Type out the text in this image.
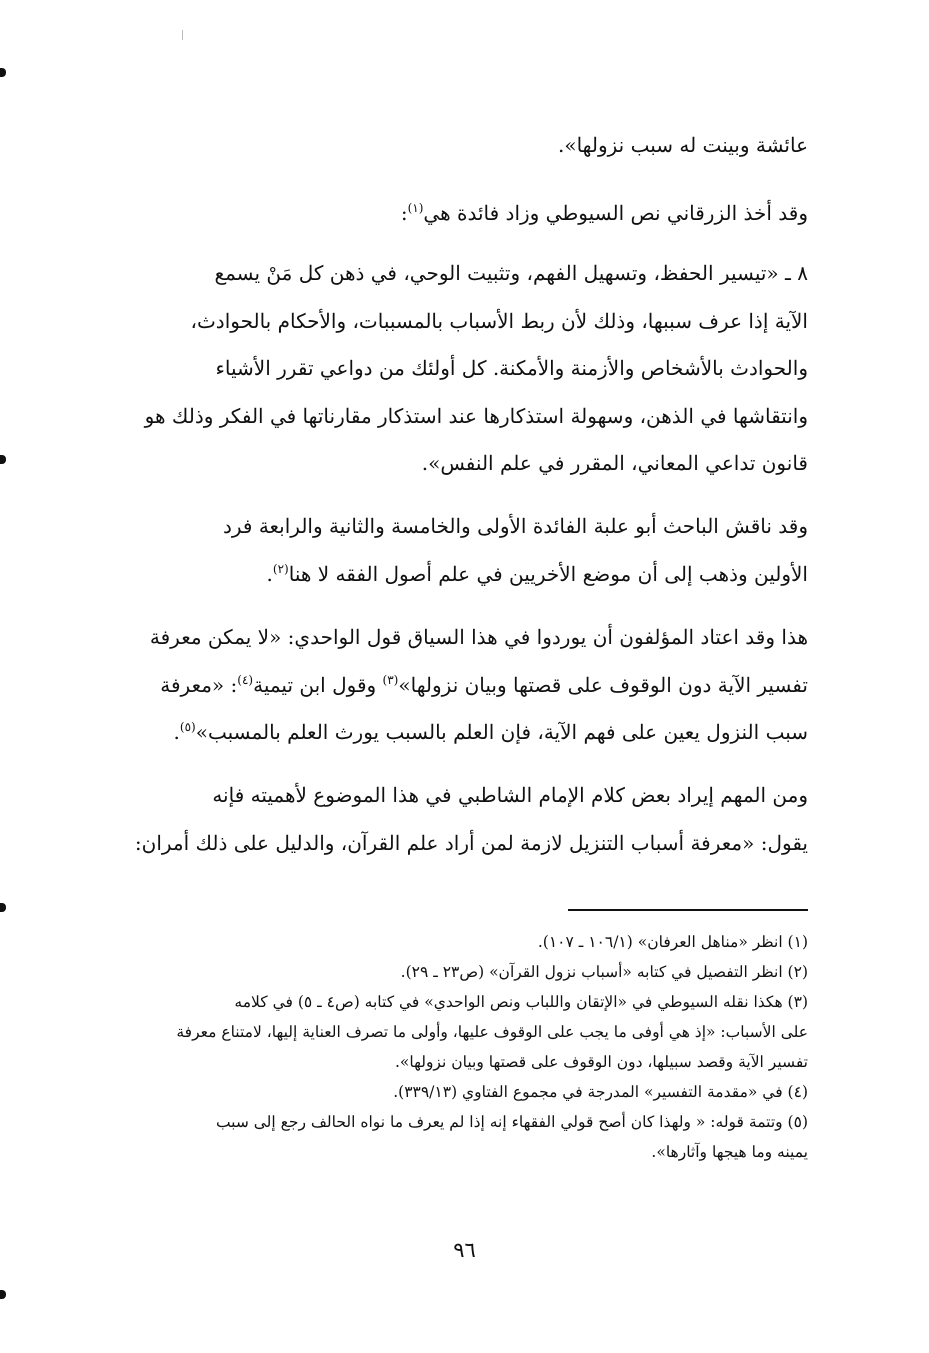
عائشة وبينت له سبب نزولها».
وقد أخذ الزرقاني نص السيوطي وزاد فائدة هي$^{(١)}$:
٨ ـ «تيسير الحفظ، وتسهيل الفهم، وتثبيت الوحي، في ذهن كل مَنْ يسمع
الآية إذا عرف سببها، وذلك لأن ربط الأسباب بالمسببات، والأحكام بالحوادث،
والحوادث بالأشخاص والأزمنة والأمكنة. كل أولئك من دواعي تقرر الأشياء
وانتقاشها في الذهن، وسهولة استذكارها عند استذكار مقارناتها في الفكر وذلك هو
قانون تداعي المعاني، المقرر في علم النفس».
وقد ناقش الباحث أبو علبة الفائدة الأولى والخامسة والثانية والرابعة فرد
الأولين وذهب إلى أن موضع الأخريين في علم أصول الفقه لا هنا$^{(٢)}$.
هذا وقد اعتاد المؤلفون أن يوردوا في هذا السياق قول الواحدي: «لا يمكن معرفة
تفسير الآية دون الوقوف على قصتها وبيان نزولها»$^{(٣)}$ وقول ابن تيمية$^{(٤)}$: «معرفة
سبب النزول يعين على فهم الآية، فإن العلم بالسبب يورث العلم بالمسبب»$^{(٥)}$.
ومن المهم إيراد بعض كلام الإمام الشاطبي في هذا الموضوع لأهميته فإنه
يقول: «معرفة أسباب التنزيل لازمة لمن أراد علم القرآن، والدليل على ذلك أمران:
(١) انظر «مناهل العرفان» (١٠٦/١ ـ ١٠٧).
(٢) انظر التفصيل في كتابه «أسباب نزول القرآن» (ص٢٣ ـ ٢٩).
(٣) هكذا نقله السيوطي في «الإتقان واللباب ونص الواحدي» في كتابه (ص٤ ـ ٥) في كلامه
على الأسباب: «إذ هي أوفى ما يجب على الوقوف عليها، وأولى ما تصرف العناية إليها، لامتناع معرفة
تفسير الآية وقصد سبيلها، دون الوقوف على قصتها وبيان نزولها».
(٤) في «مقدمة التفسير» المدرجة في مجموع الفتاوي (٣٣٩/١٣).
(٥) وتتمة قوله: « ولهذا كان أصح قولي الفقهاء إنه إذا لم يعرف ما نواه الحالف رجع إلى سبب
يمينه وما هيجها وآثارها».
٩٦
